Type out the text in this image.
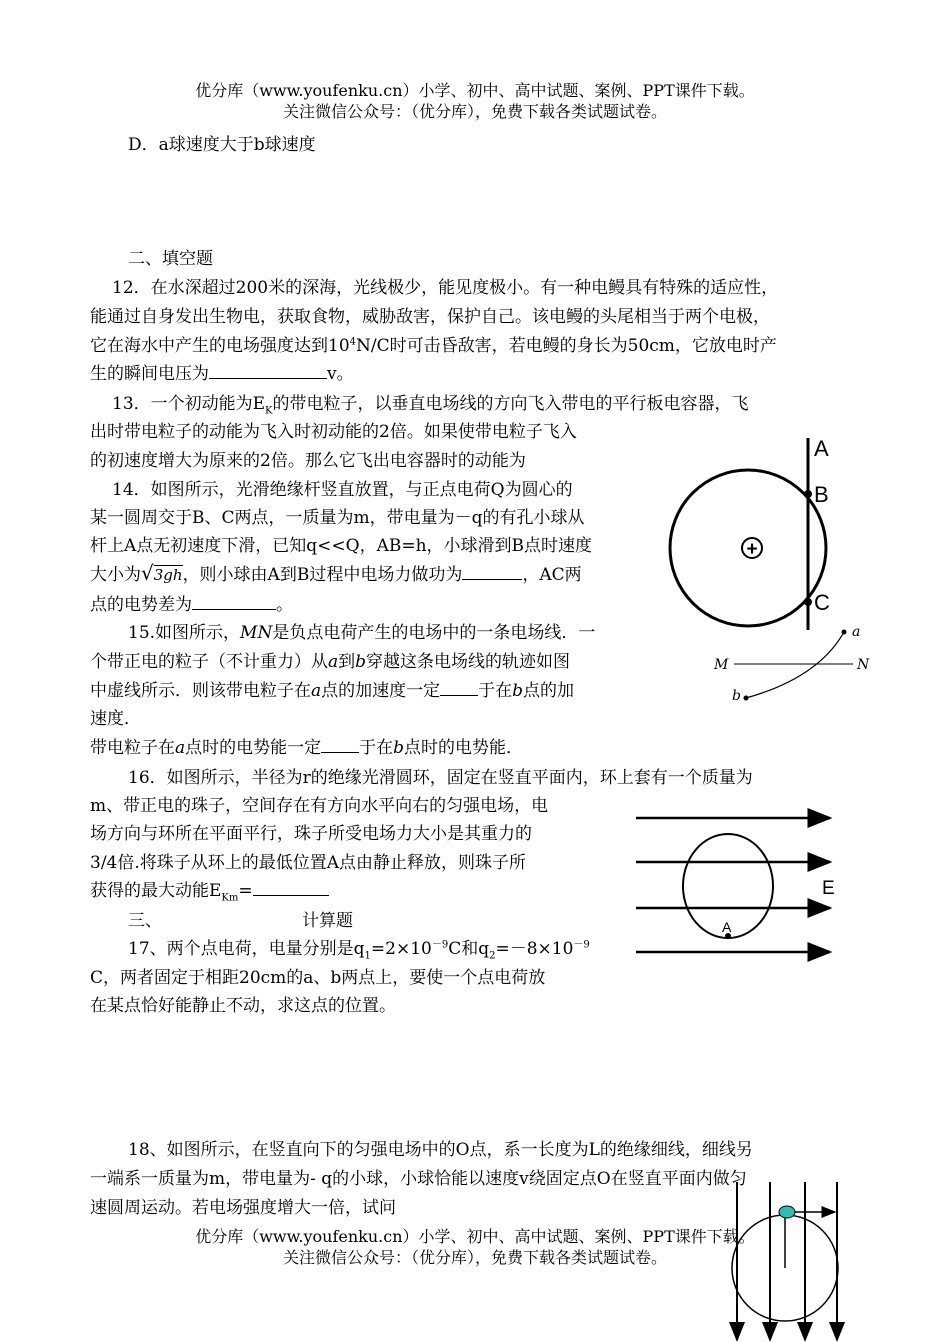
优分库（www.youfenku.cn）小学、初中、高中试题、案例、PPT课件下载。
关注微信公众号：（优分库），免费下载各类试题试卷。
D．a球速度大于b球速度
二、填空题
12．在水深超过200米的深海，光线极少，能见度极小。有一种电鳗具有特殊的适应性，
能通过自身发出生物电，获取食物，威胁敌害，保护自己。该电鳗的头尾相当于两个电极，
它在海水中产生的电场强度达到$10^4N/C$时可击昏敌害，若电鳗的身长为50cm，它放电时产
生的瞬间电压为	v。
13．一个初动能为$E_K$的带电粒子，以垂直电场线的方向飞入带电的平行板电容器，飞
出时带电粒子的动能为飞入时初动能的2倍。如果使带电粒子飞入
的初速度增大为原来的2倍。那么它飞出电容器时的动能为
14．如图所示，光滑绝缘杆竖直放置，与正点电荷Q为圆心的
某一圆周交于B、C两点，一质量为m，带电量为－q的有孔小球从
杆上A点无初速度下滑，已知q<<Q，AB=h，小球滑到B点时速度
大小为√3gh，则小球由A到B过程中电场力做功为	，AC两
点的电势差为	。
+
A
B
C
15.如图所示，MN是负点电荷产生的电场中的一条电场线．一
个带正电的粒子（不计重力）从a到b穿越这条电场线的轨迹如图
中虚线所示．则该带电粒子在a点的加速度一定 于在b点的加
速度．
带电粒子在a点时的电势能一定 于在b点时的电势能．
a
b
M	N
16．如图所示，半径为r的绝缘光滑圆环，固定在竖直平面内，环上套有一个质量为
m、带正电的珠子，空间存在有方向水平向右的匀强电场，电
场方向与环所在平面平行，珠子所受电场力大小是其重力的
3/4倍.将珠子从环上的最低位置A点由静止释放，则珠子所
获得的最大动能$E_{Km}=$
A
E
三、	计算题
17、两个点电荷，电量分别是$q_1=2\times 10^{-9}C$和$q_2=-8\times 10^{-9}$
C，两者固定于相距20cm的a、b两点上，要使一个点电荷放
在某点恰好能静止不动，求这点的位置。
18、如图所示，在竖直向下的匀强电场中的O点，系一长度为L的绝缘细线，细线另
一端系一质量为m，带电量为- q的小球，小球恰能以速度v绕固定点O在竖直平面内做匀
速圆周运动。若电场强度增大一倍，试问
优分库（www.youfenku.cn）小学、初中、高中试题、案例、PPT课件下载。
关注微信公众号：（优分库），免费下载各类试题试卷。
